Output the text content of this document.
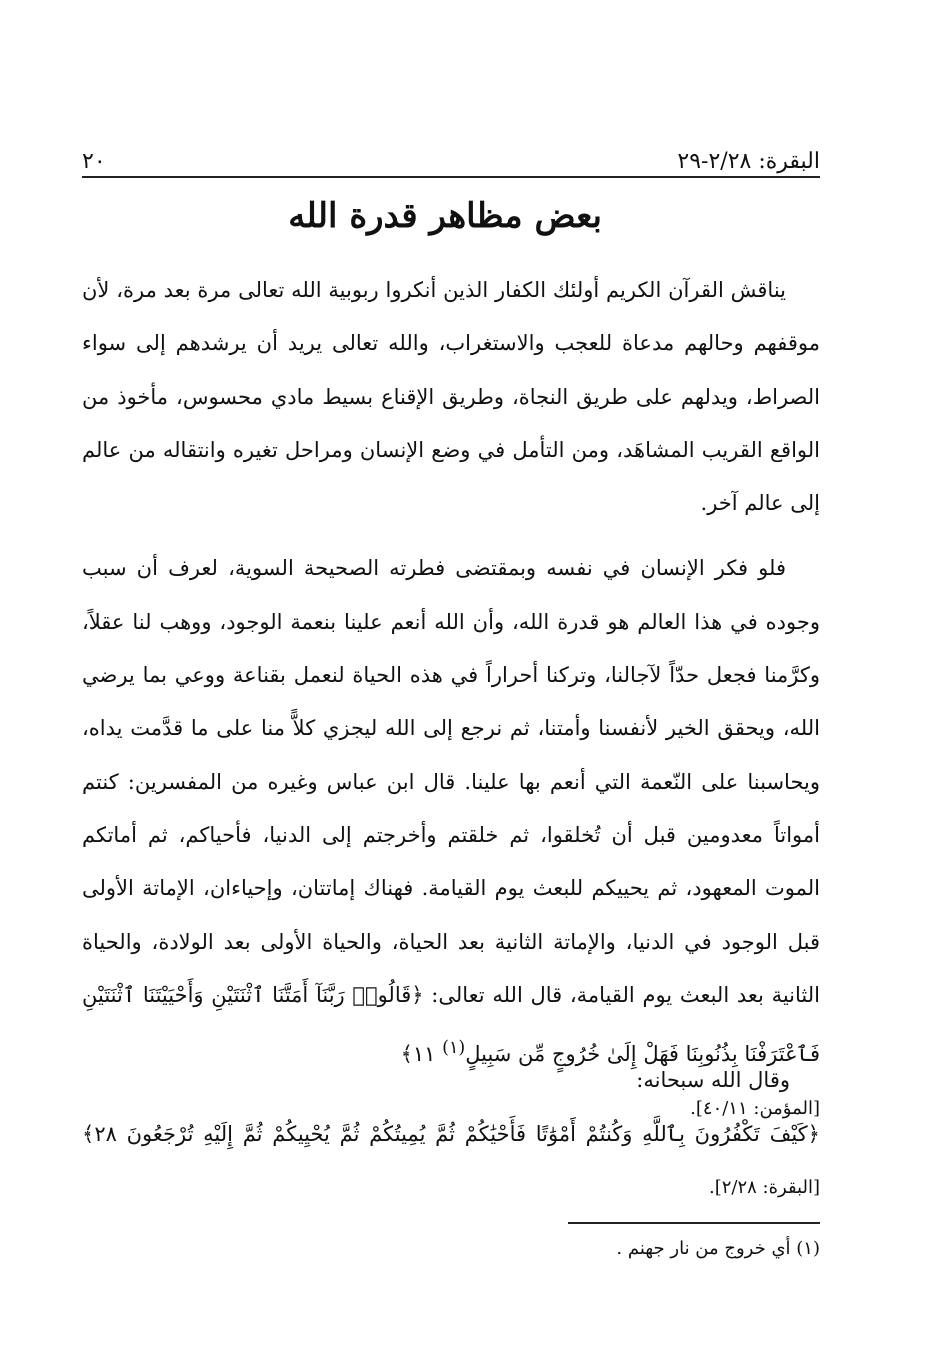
البقرة: ٢/٢٨-٢٩
٢٠
بعض مظاهر قدرة الله

يناقش القرآن الكريم أولئك الكفار الذين أنكروا ربوبية الله تعالى مرة بعد مرة، لأن موقفهم وحالهم مدعاة للعجب والاستغراب، والله تعالى يريد أن يرشدهم إلى سواء الصراط، ويدلهم على طريق النجاة، وطريق الإقناع بسيط مادي محسوس، مأخوذ من الواقع القريب المشاهَد، ومن التأمل في وضع الإنسان ومراحل تغيره وانتقاله من عالم إلى عالم آخر.

فلو فكر الإنسان في نفسه وبمقتضى فطرته الصحيحة السوية، لعرف أن سبب وجوده في هذا العالم هو قدرة الله، وأن الله أنعم علينا بنعمة الوجود، ووهب لنا عقلاً، وكرَّمنا فجعل حدّاً لآجالنا، وتركنا أحراراً في هذه الحياة لنعمل بقناعة ووعي بما يرضي الله، ويحقق الخير لأنفسنا وأمتنا، ثم نرجع إلى الله ليجزي كلاًّ منا على ما قدَّمت يداه، ويحاسبنا على النّعمة التي أنعم بها علينا. قال ابن عباس وغيره من المفسرين: كنتم أمواتاً معدومين قبل أن تُخلقوا، ثم خلقتم وأخرجتم إلى الدنيا، فأحياكم، ثم أماتكم الموت المعهود، ثم يحييكم للبعث يوم القيامة. فهناك إماتتان، وإحياءان، الإماتة الأولى قبل الوجود في الدنيا، والإماتة الثانية بعد الحياة، والحياة الأولى بعد الولادة، والحياة الثانية بعد البعث يوم القيامة، قال الله تعالى: ﴿قَالُوا۟ رَبَّنَآ أَمَتَّنَا ٱثْنَتَيْنِ وَأَحْيَيْتَنَا ٱثْنَتَيْنِ فَٱعْتَرَفْنَا بِذُنُوبِنَا فَهَلْ إِلَىٰ خُرُوجٍ مِّن سَبِيلٍ$^{(١)}$ ١١﴾
[المؤمن: ٤٠/١١].

وقال الله سبحانه:
﴿كَيْفَ تَكْفُرُونَ بِٱللَّهِ وَكُنتُمْ أَمْوَٰتًا فَأَحْيَٰكُمْ ثُمَّ يُمِيتُكُمْ ثُمَّ يُحْيِيكُمْ ثُمَّ إِلَيْهِ تُرْجَعُونَ ٢٨﴾ [البقرة: ٢/٢٨].
(١) أي خروج من نار جهنم .
